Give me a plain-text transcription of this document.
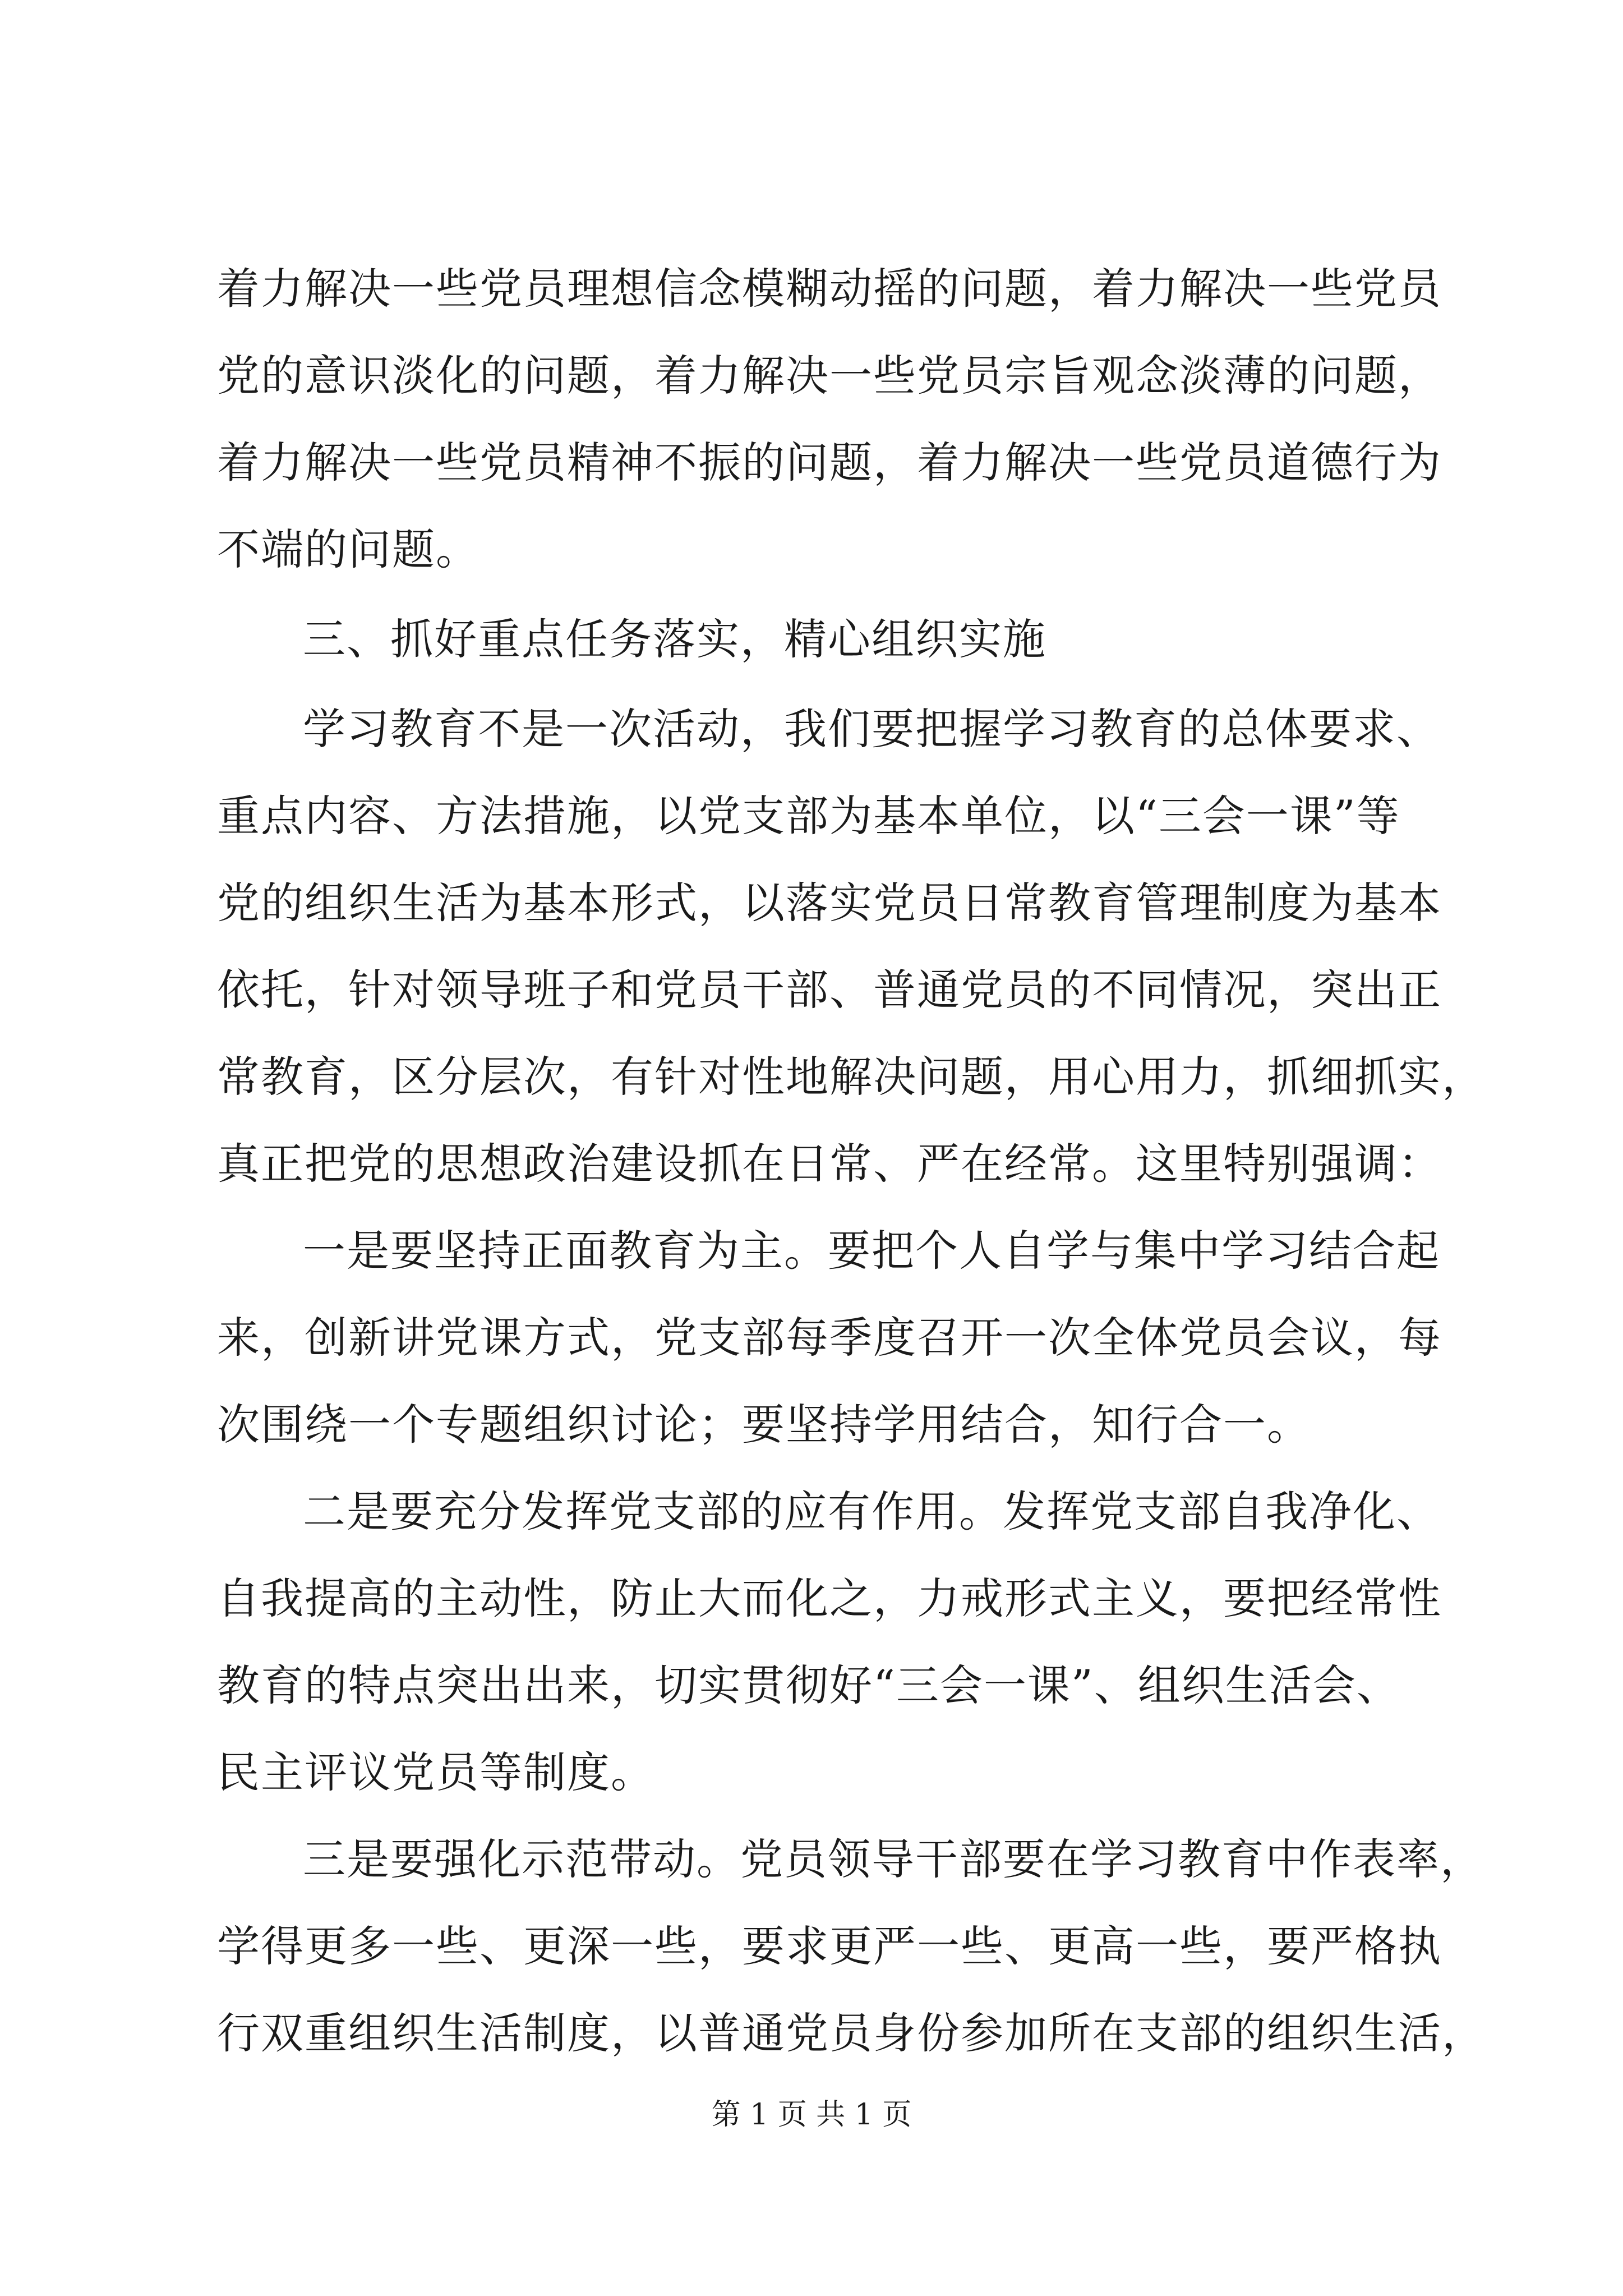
着力解决一些党员理想信念模糊动摇的问题，着力解决一些党员
党的意识淡化的问题，着力解决一些党员宗旨观念淡薄的问题，
着力解决一些党员精神不振的问题，着力解决一些党员道德行为
不端的问题。
三、抓好重点任务落实，精心组织实施
学习教育不是一次活动，我们要把握学习教育的总体要求、
重点内容、方法措施，以党支部为基本单位，以“三会一课”等
党的组织生活为基本形式，以落实党员日常教育管理制度为基本
依托，针对领导班子和党员干部、普通党员的不同情况，突出正
常教育，区分层次，有针对性地解决问题，用心用力，抓细抓实，
真正把党的思想政治建设抓在日常、严在经常。这里特别强调：
一是要坚持正面教育为主。要把个人自学与集中学习结合起
来，创新讲党课方式，党支部每季度召开一次全体党员会议，每
次围绕一个专题组织讨论；要坚持学用结合，知行合一。
二是要充分发挥党支部的应有作用。发挥党支部自我净化、
自我提高的主动性，防止大而化之，力戒形式主义，要把经常性
教育的特点突出出来，切实贯彻好“三会一课”、组织生活会、
民主评议党员等制度。
三是要强化示范带动。党员领导干部要在学习教育中作表率，
学得更多一些、更深一些，要求更严一些、更高一些，要严格执
行双重组织生活制度，以普通党员身份参加所在支部的组织生活，
第 1 页 共 1 页
